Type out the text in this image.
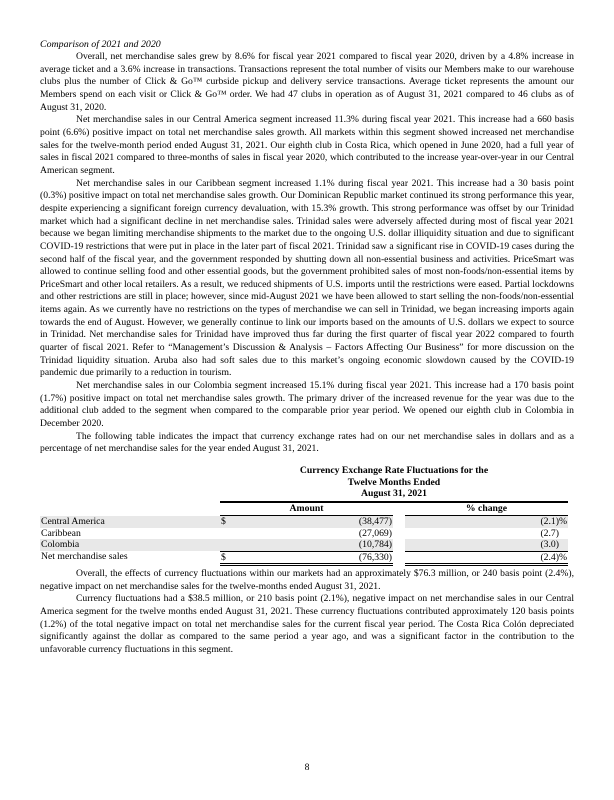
Comparison of 2021 and 2020

Overall, net merchandise sales grew by 8.6% for fiscal year 2021 compared to fiscal year 2020, driven by a 4.8% increase in average ticket and a 3.6% increase in transactions. Transactions represent the total number of visits our Members make to our warehouse clubs plus the number of Click & Go™ curbside pickup and delivery service transactions. Average ticket represents the amount our Members spend on each visit or Click & Go™ order. We had 47 clubs in operation as of August 31, 2021 compared to 46 clubs as of August 31, 2020.

Net merchandise sales in our Central America segment increased 11.3% during fiscal year 2021. This increase had a 660 basis point (6.6%) positive impact on total net merchandise sales growth. All markets within this segment showed increased net merchandise sales for the twelve-month period ended August 31, 2021. Our eighth club in Costa Rica, which opened in June 2020, had a full year of sales in fiscal 2021 compared to three-months of sales in fiscal year 2020, which contributed to the increase year-over-year in our Central American segment.

Net merchandise sales in our Caribbean segment increased 1.1% during fiscal year 2021. This increase had a 30 basis point (0.3%) positive impact on total net merchandise sales growth. Our Dominican Republic market continued its strong performance this year, despite experiencing a significant foreign currency devaluation, with 15.3% growth. This strong performance was offset by our Trinidad market which had a significant decline in net merchandise sales. Trinidad sales were adversely affected during most of fiscal year 2021 because we began limiting merchandise shipments to the market due to the ongoing U.S. dollar illiquidity situation and due to significant COVID-19 restrictions that were put in place in the later part of fiscal 2021. Trinidad saw a significant rise in COVID-19 cases during the second half of the fiscal year, and the government responded by shutting down all non-essential business and activities. PriceSmart was allowed to continue selling food and other essential goods, but the government prohibited sales of most non-foods/non-essential items by PriceSmart and other local retailers. As a result, we reduced shipments of U.S. imports until the restrictions were eased. Partial lockdowns and other restrictions are still in place; however, since mid-August 2021 we have been allowed to start selling the non-foods/non-essential items again. As we currently have no restrictions on the types of merchandise we can sell in Trinidad, we began increasing imports again towards the end of August. However, we generally continue to link our imports based on the amounts of U.S. dollars we expect to source in Trinidad. Net merchandise sales for Trinidad have improved thus far during the first quarter of fiscal year 2022 compared to fourth quarter of fiscal 2021. Refer to “Management’s Discussion & Analysis – Factors Affecting Our Business” for more discussion on the Trinidad liquidity situation. Aruba also had soft sales due to this market’s ongoing economic slowdown caused by the COVID-19 pandemic due primarily to a reduction in tourism.

Net merchandise sales in our Colombia segment increased 15.1% during fiscal year 2021. This increase had a 170 basis point (1.7%) positive impact on total net merchandise sales growth. The primary driver of the increased revenue for the year was due to the additional club added to the segment when compared to the comparable prior year period. We opened our eighth club in Colombia in December 2020.

The following table indicates the impact that currency exchange rates had on our net merchandise sales in dollars and as a percentage of net merchandise sales for the year ended August 31, 2021.

Currency Exchange Rate Fluctuations for the
Twelve Months Ended
August 31, 2021
Amount	% change
Central America	$	(38,477)	(2.1) %
Caribbean	(27,069)	(2.7)
Colombia	(10,784)	(3.0)
Net merchandise sales	$	(76,330)	(2.4) %

Overall, the effects of currency fluctuations within our markets had an approximately $76.3 million, or 240 basis point (2.4%), negative impact on net merchandise sales for the twelve-months ended August 31, 2021.

Currency fluctuations had a $38.5 million, or 210 basis point (2.1%), negative impact on net merchandise sales in our Central America segment for the twelve months ended August 31, 2021. These currency fluctuations contributed approximately 120 basis points (1.2%) of the total negative impact on total net merchandise sales for the current fiscal year period. The Costa Rica Colón depreciated significantly against the dollar as compared to the same period a year ago, and was a significant factor in the contribution to the unfavorable currency fluctuations in this segment.

8
